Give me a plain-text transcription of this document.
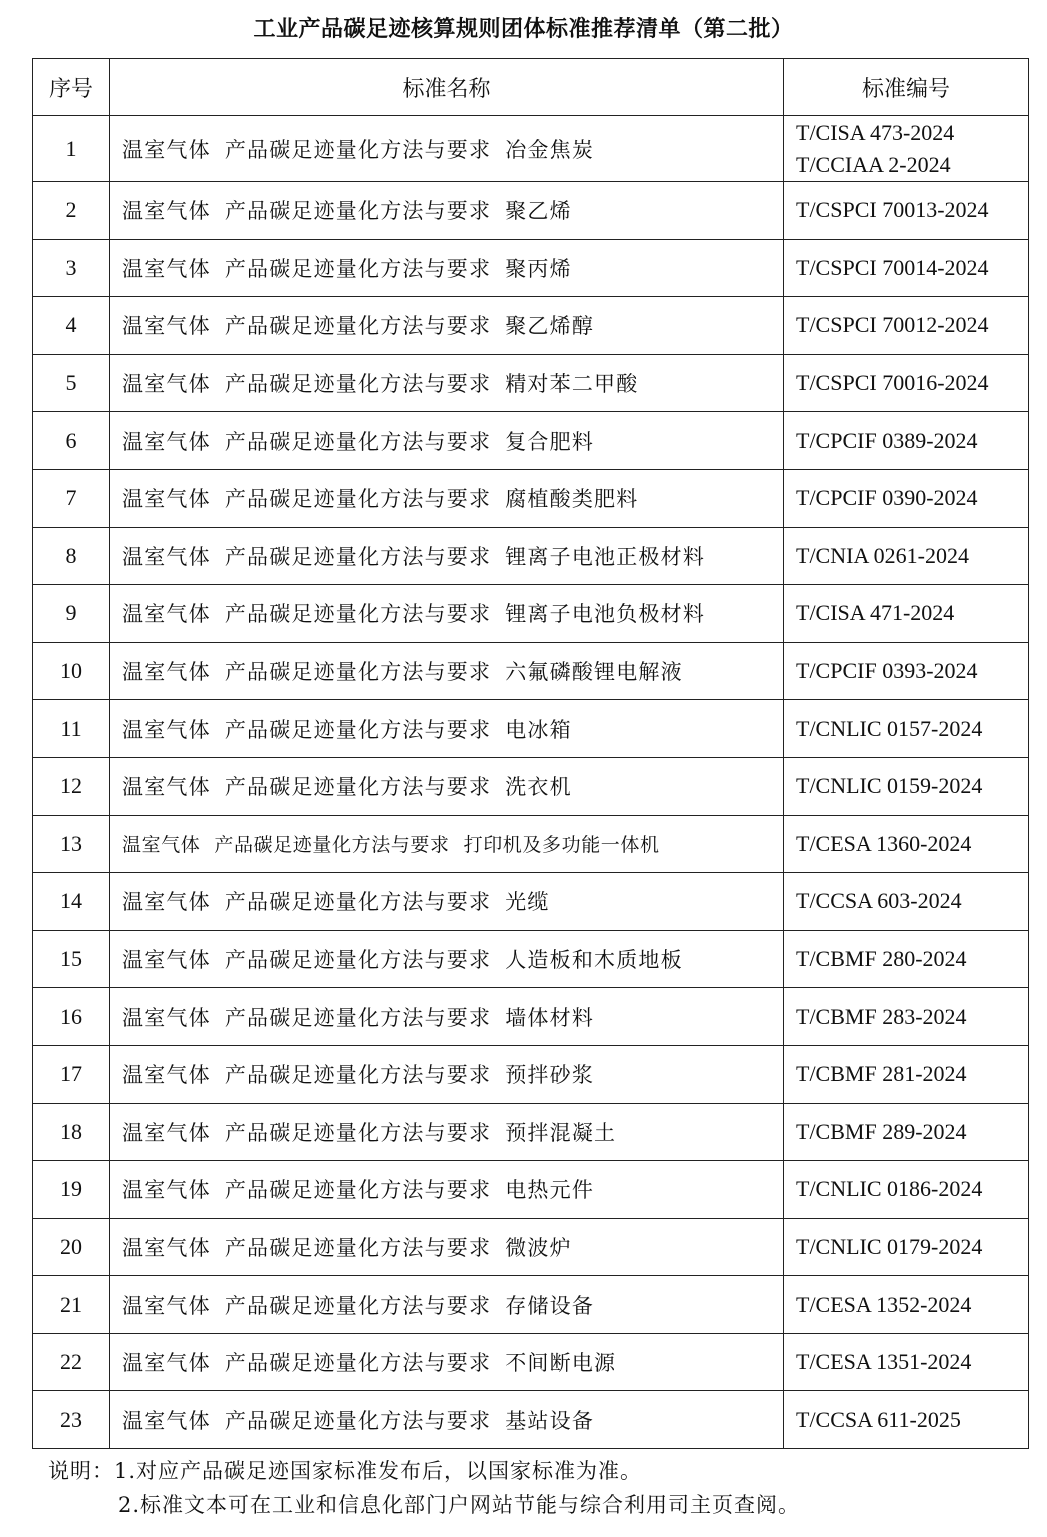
工业产品碳足迹核算规则团体标准推荐清单（第二批）
序号	标准名称	标准编号
1	温室气体 产品碳足迹量化方法与要求 冶金焦炭	T/CISA 473-2024
T/CCIAA 2-2024

2	温室气体 产品碳足迹量化方法与要求 聚乙烯	T/CSPCI 70013-2024

3	温室气体 产品碳足迹量化方法与要求 聚丙烯	T/CSPCI 70014-2024

4	温室气体 产品碳足迹量化方法与要求 聚乙烯醇	T/CSPCI 70012-2024

5	温室气体 产品碳足迹量化方法与要求 精对苯二甲酸	T/CSPCI 70016-2024

6	温室气体 产品碳足迹量化方法与要求 复合肥料	T/CPCIF 0389-2024

7	温室气体 产品碳足迹量化方法与要求 腐植酸类肥料	T/CPCIF 0390-2024

8	温室气体 产品碳足迹量化方法与要求 锂离子电池正极材料	T/CNIA 0261-2024

9	温室气体 产品碳足迹量化方法与要求 锂离子电池负极材料	T/CISA 471-2024

10	温室气体 产品碳足迹量化方法与要求 六氟磷酸锂电解液	T/CPCIF 0393-2024

11	温室气体 产品碳足迹量化方法与要求 电冰箱	T/CNLIC 0157-2024

12	温室气体 产品碳足迹量化方法与要求 洗衣机	T/CNLIC 0159-2024

13	温室气体 产品碳足迹量化方法与要求 打印机及多功能一体机	T/CESA 1360-2024

14	温室气体 产品碳足迹量化方法与要求 光缆	T/CCSA 603-2024

15	温室气体 产品碳足迹量化方法与要求 人造板和木质地板	T/CBMF 280-2024

16	温室气体 产品碳足迹量化方法与要求 墙体材料	T/CBMF 283-2024

17	温室气体 产品碳足迹量化方法与要求 预拌砂浆	T/CBMF 281-2024

18	温室气体 产品碳足迹量化方法与要求 预拌混凝土	T/CBMF 289-2024

19	温室气体 产品碳足迹量化方法与要求 电热元件	T/CNLIC 0186-2024

20	温室气体 产品碳足迹量化方法与要求 微波炉	T/CNLIC 0179-2024

21	温室气体 产品碳足迹量化方法与要求 存储设备	T/CESA 1352-2024

22	温室气体 产品碳足迹量化方法与要求 不间断电源	T/CESA 1351-2024

23	温室气体 产品碳足迹量化方法与要求 基站设备	T/CCSA 611-2025
说明：1.对应产品碳足迹国家标准发布后，以国家标准为准。
2.标准文本可在工业和信息化部门户网站节能与综合利用司主页查阅。
